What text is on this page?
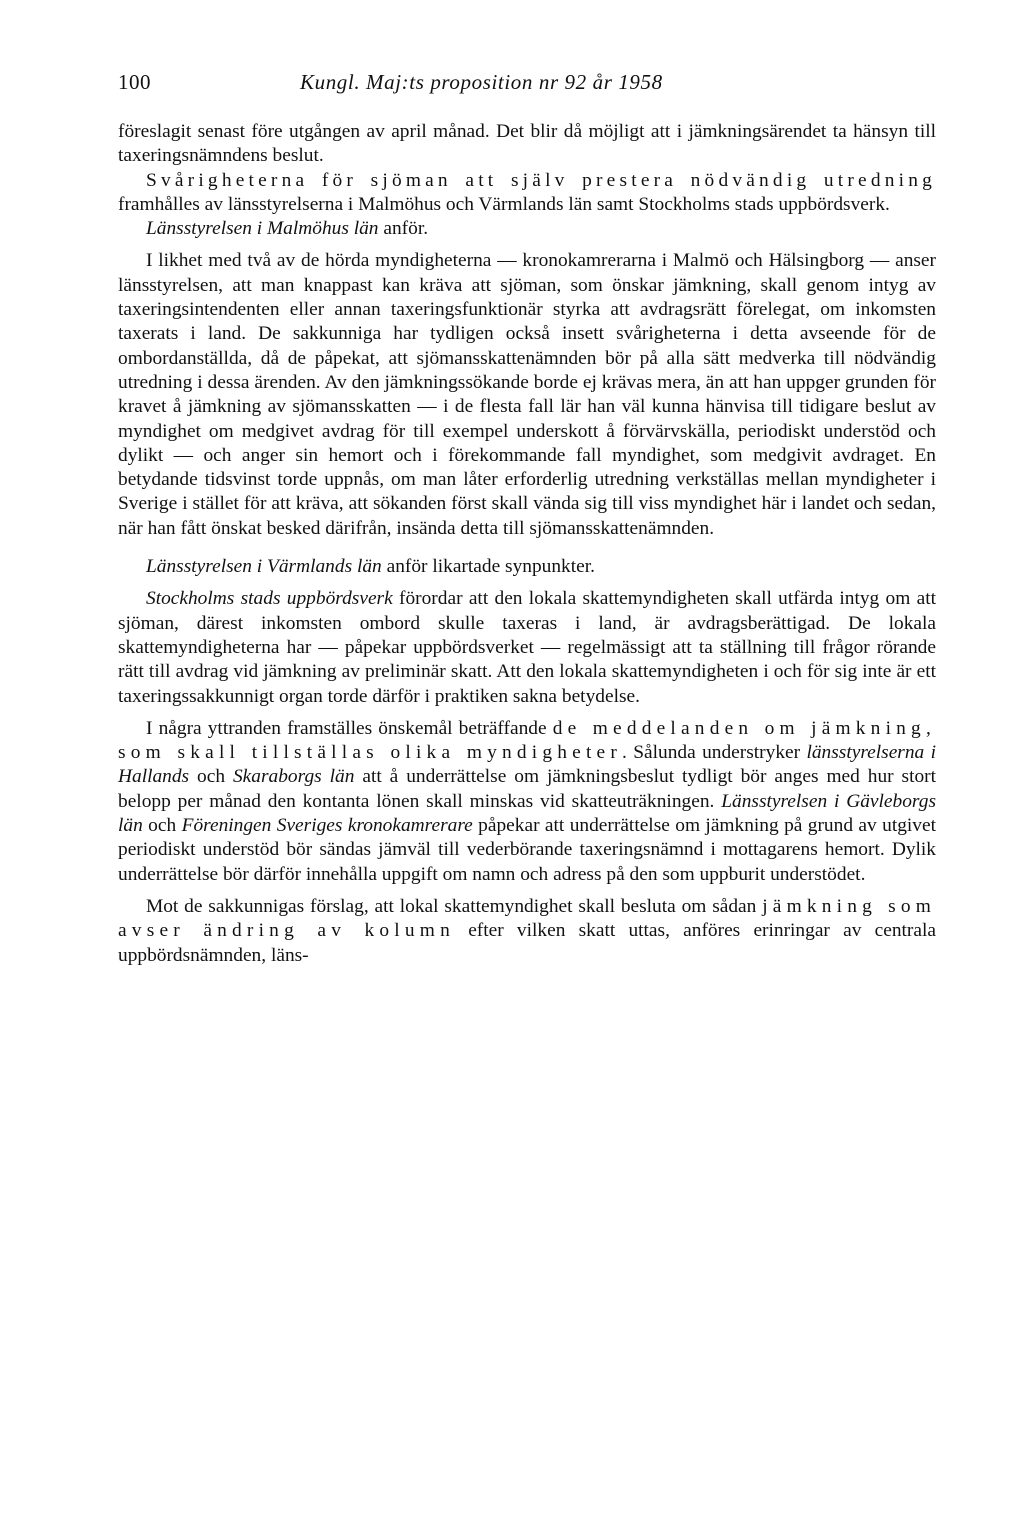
100	Kungl. Maj:ts proposition nr 92 år 1958

föreslagit senast före utgången av april månad. Det blir då möjligt att i jämkningsärendet ta hänsyn till taxeringsnämndens beslut.

Svårigheterna för sjöman att själv prestera nödvändig utredning framhålles av länsstyrelserna i Malmöhus och Värmlands län samt Stockholms stads uppbördsverk.

Länsstyrelsen i Malmöhus län anför.

I likhet med två av de hörda myndigheterna — kronokamrerarna i Malmö och Hälsingborg — anser länsstyrelsen, att man knappast kan kräva att sjöman, som önskar jämkning, skall genom intyg av taxeringsintendenten eller annan taxeringsfunktionär styrka att avdragsrätt förelegat, om inkomsten taxerats i land. De sakkunniga har tydligen också insett svårigheterna i detta avseende för de ombordanställda, då de påpekat, att sjömansskattenämnden bör på alla sätt medverka till nödvändig utredning i dessa ärenden. Av den jämkningssökande borde ej krävas mera, än att han uppger grunden för kravet å jämkning av sjömansskatten — i de flesta fall lär han väl kunna hänvisa till tidigare beslut av myndighet om medgivet avdrag för till exempel underskott å förvärvskälla, periodiskt understöd och dylikt — och anger sin hemort och i förekommande fall myndighet, som medgivit avdraget. En betydande tidsvinst torde uppnås, om man låter erforderlig utredning verkställas mellan myndigheter i Sverige i stället för att kräva, att sökanden först skall vända sig till viss myndighet här i landet och sedan, när han fått önskat besked därifrån, insända detta till sjömansskattenämnden.

Länsstyrelsen i Värmlands län anför likartade synpunkter.

Stockholms stads uppbördsverk förordar att den lokala skattemyndigheten skall utfärda intyg om att sjöman, därest inkomsten ombord skulle taxeras i land, är avdragsberättigad. De lokala skattemyndigheterna har — påpekar uppbördsverket — regelmässigt att ta ställning till frågor rörande rätt till avdrag vid jämkning av preliminär skatt. Att den lokala skattemyndigheten i och för sig inte är ett taxeringssakkunnigt organ torde därför i praktiken sakna betydelse.

I några yttranden framställes önskemål beträffande de meddelanden om jämkning, som skall tillställas olika myndigheter. Sålunda understryker länsstyrelserna i Hallands och Skaraborgs län att å underrättelse om jämkningsbeslut tydligt bör anges med hur stort belopp per månad den kontanta lönen skall minskas vid skatteuträkningen. Länsstyrelsen i Gävleborgs län och Föreningen Sveriges kronokamrerare påpekar att underrättelse om jämkning på grund av utgivet periodiskt understöd bör sändas jämväl till vederbörande taxeringsnämnd i mottagarens hemort. Dylik underrättelse bör därför innehålla uppgift om namn och adress på den som uppburit understödet.

Mot de sakkunnigas förslag, att lokal skattemyndighet skall besluta om sådan jämkning som avser ändring av kolumn efter vilken skatt uttas, anföres erinringar av centrala uppbördsnämnden, läns-
